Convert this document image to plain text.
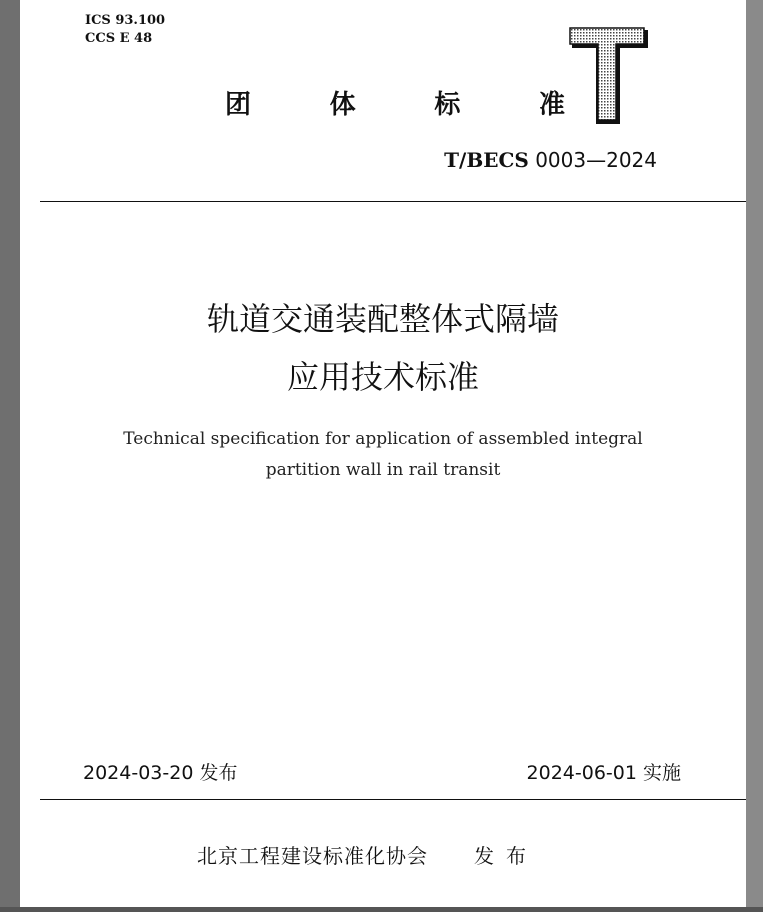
ICS 93.100
CCS E 48
团	体	标	准
T
T/BECS 0003—2024
轨道交通装配整体式隔墙
应用技术标准
Technical specification for application of assembled integral
partition wall in rail transit
2024-03-20 发布	2024-06-01 实施
北京工程建设标准化协会 发布
